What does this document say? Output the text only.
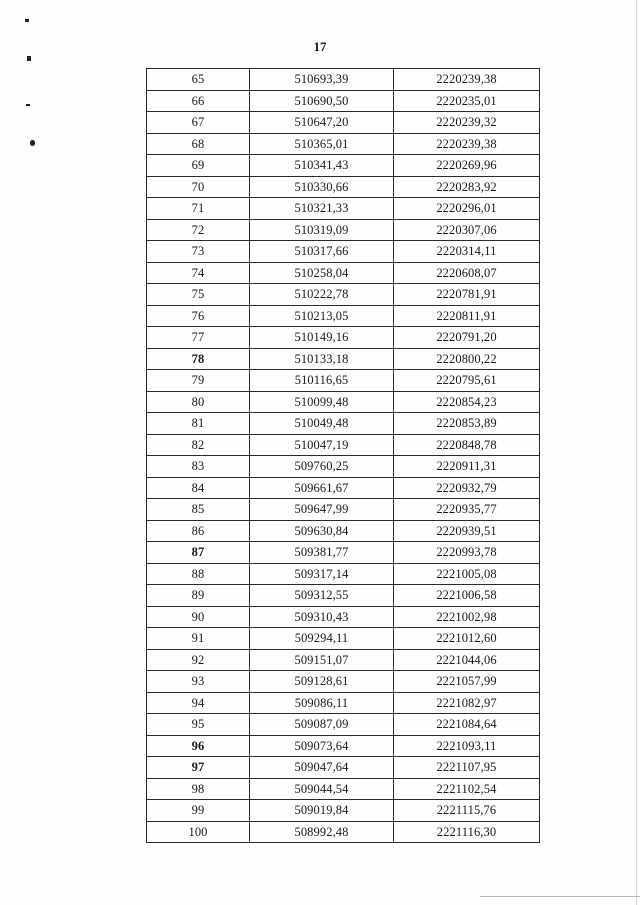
17
65	510693,39	2220239,38
66	510690,50	2220235,01
67	510647,20	2220239,32
68	510365,01	2220239,38
69	510341,43	2220269,96
70	510330,66	2220283,92
71	510321,33	2220296,01
72	510319,09	2220307,06
73	510317,66	2220314,11
74	510258,04	2220608,07
75	510222,78	2220781,91
76	510213,05	2220811,91
77	510149,16	2220791,20
78	510133,18	2220800,22
79	510116,65	2220795,61
80	510099,48	2220854,23
81	510049,48	2220853,89
82	510047,19	2220848,78
83	509760,25	2220911,31
84	509661,67	2220932,79
85	509647,99	2220935,77
86	509630,84	2220939,51
87	509381,77	2220993,78
88	509317,14	2221005,08
89	509312,55	2221006,58
90	509310,43	2221002,98
91	509294,11	2221012,60
92	509151,07	2221044,06
93	509128,61	2221057,99
94	509086,11	2221082,97
95	509087,09	2221084,64
96	509073,64	2221093,11
97	509047,64	2221107,95
98	509044,54	2221102,54
99	509019,84	2221115,76
100	508992,48	2221116,30
